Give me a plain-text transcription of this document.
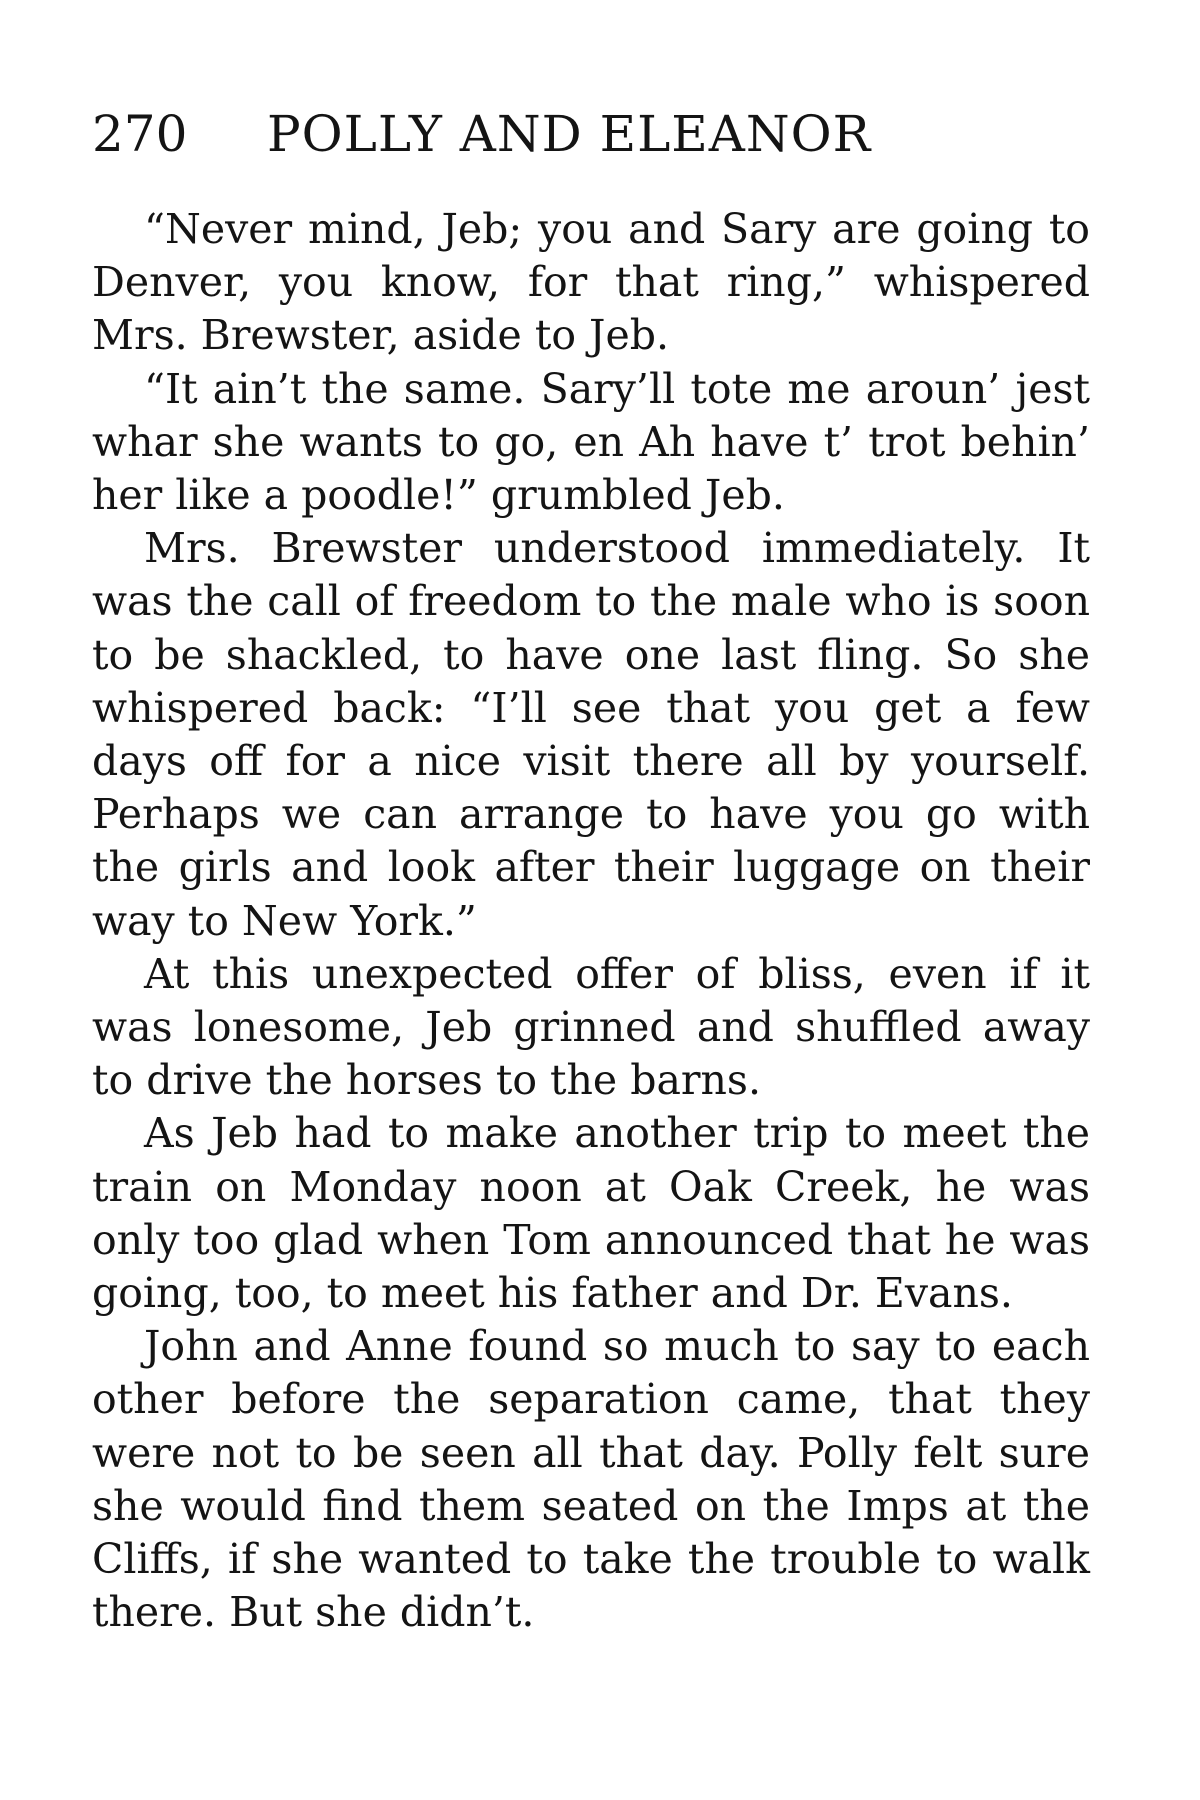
270 POLLY AND ELEANOR

“Never mind, Jeb; you and Sary are going to Denver, you know, for that ring,” whispered Mrs. Brewster, aside to Jeb.

“It ain’t the same. Sary’ll tote me aroun’ jest whar she wants to go, en Ah have t’ trot behin’ her like a poodle!” grumbled Jeb.

Mrs. Brewster understood immediately. It was the call of freedom to the male who is soon to be shackled, to have one last fling. So she whispered back: “I’ll see that you get a few days off for a nice visit there all by yourself. Perhaps we can arrange to have you go with the girls and look after their luggage on their way to New York.”

At this unexpected offer of bliss, even if it was lonesome, Jeb grinned and shuffled away to drive the horses to the barns.

As Jeb had to make another trip to meet the train on Monday noon at Oak Creek, he was only too glad when Tom announced that he was going, too, to meet his father and Dr. Evans.

John and Anne found so much to say to each other before the separation came, that they were not to be seen all that day. Polly felt sure she would find them seated on the Imps at the Cliffs, if she wanted to take the trouble to walk there. But she didn’t.
